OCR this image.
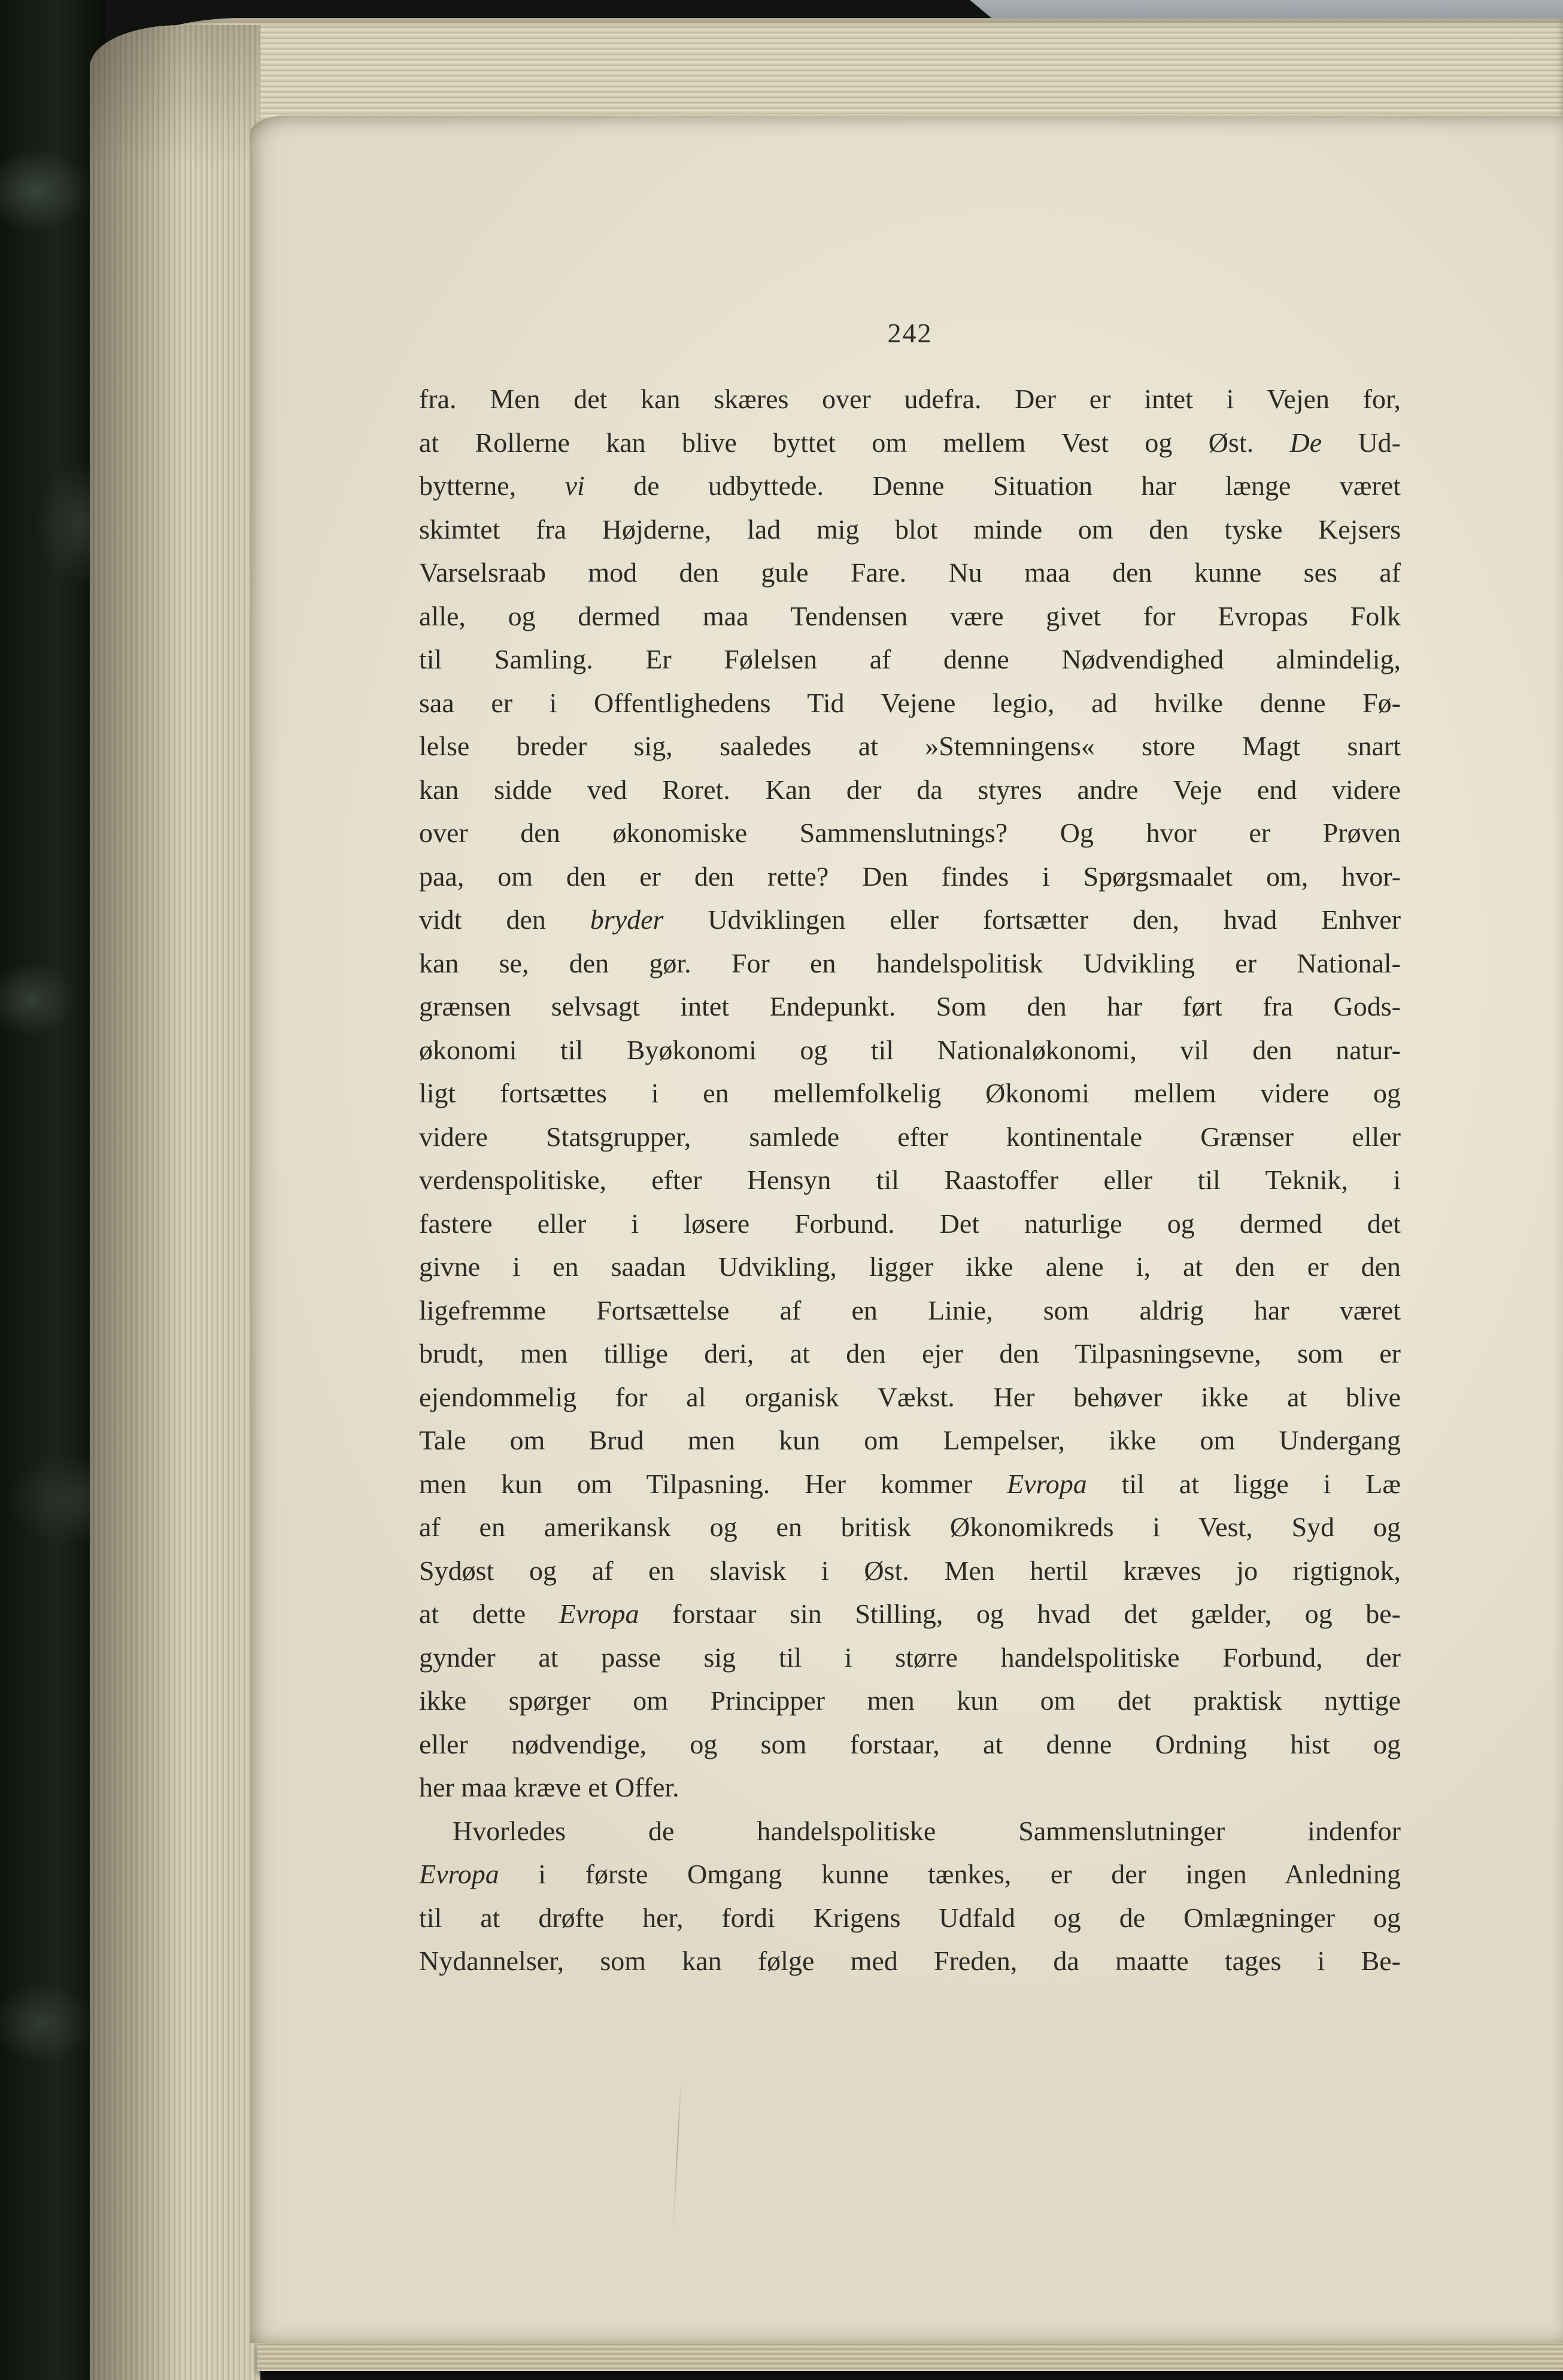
242
fra. Men det kan skæres over udefra. Der er intet i Vejen for,
at Rollerne kan blive byttet om mellem Vest og Øst. De Ud-
bytterne, vi de udbyttede. Denne Situation har længe været
skimtet fra Højderne, lad mig blot minde om den tyske Kejsers
Varselsraab mod den gule Fare. Nu maa den kunne ses af
alle, og dermed maa Tendensen være givet for Evropas Folk
til Samling. Er Følelsen af denne Nødvendighed almindelig,
saa er i Offentlighedens Tid Vejene legio, ad hvilke denne Fø-
lelse breder sig, saaledes at »Stemningens« store Magt snart
kan sidde ved Roret. Kan der da styres andre Veje end videre
over den økonomiske Sammenslutnings? Og hvor er Prøven
paa, om den er den rette? Den findes i Spørgsmaalet om, hvor-
vidt den bryder Udviklingen eller fortsætter den, hvad Enhver
kan se, den gør. For en handelspolitisk Udvikling er National-
grænsen selvsagt intet Endepunkt. Som den har ført fra Gods-
økonomi til Byøkonomi og til Nationaløkonomi, vil den natur-
ligt fortsættes i en mellemfolkelig Økonomi mellem videre og
videre Statsgrupper, samlede efter kontinentale Grænser eller
verdenspolitiske, efter Hensyn til Raastoffer eller til Teknik, i
fastere eller i løsere Forbund. Det naturlige og dermed det
givne i en saadan Udvikling, ligger ikke alene i, at den er den
ligefremme Fortsættelse af en Linie, som aldrig har været
brudt, men tillige deri, at den ejer den Tilpasningsevne, som er
ejendommelig for al organisk Vækst. Her behøver ikke at blive
Tale om Brud men kun om Lempelser, ikke om Undergang
men kun om Tilpasning. Her kommer Evropa til at ligge i Læ
af en amerikansk og en britisk Økonomikreds i Vest, Syd og
Sydøst og af en slavisk i Øst. Men hertil kræves jo rigtignok,
at dette Evropa forstaar sin Stilling, og hvad det gælder, og be-
gynder at passe sig til i større handelspolitiske Forbund, der
ikke spørger om Principper men kun om det praktisk nyttige
eller nødvendige, og som forstaar, at denne Ordning hist og
her maa kræve et Offer.
Hvorledes de handelspolitiske Sammenslutninger indenfor
Evropa i første Omgang kunne tænkes, er der ingen Anledning
til at drøfte her, fordi Krigens Udfald og de Omlægninger og
Nydannelser, som kan følge med Freden, da maatte tages i Be-
